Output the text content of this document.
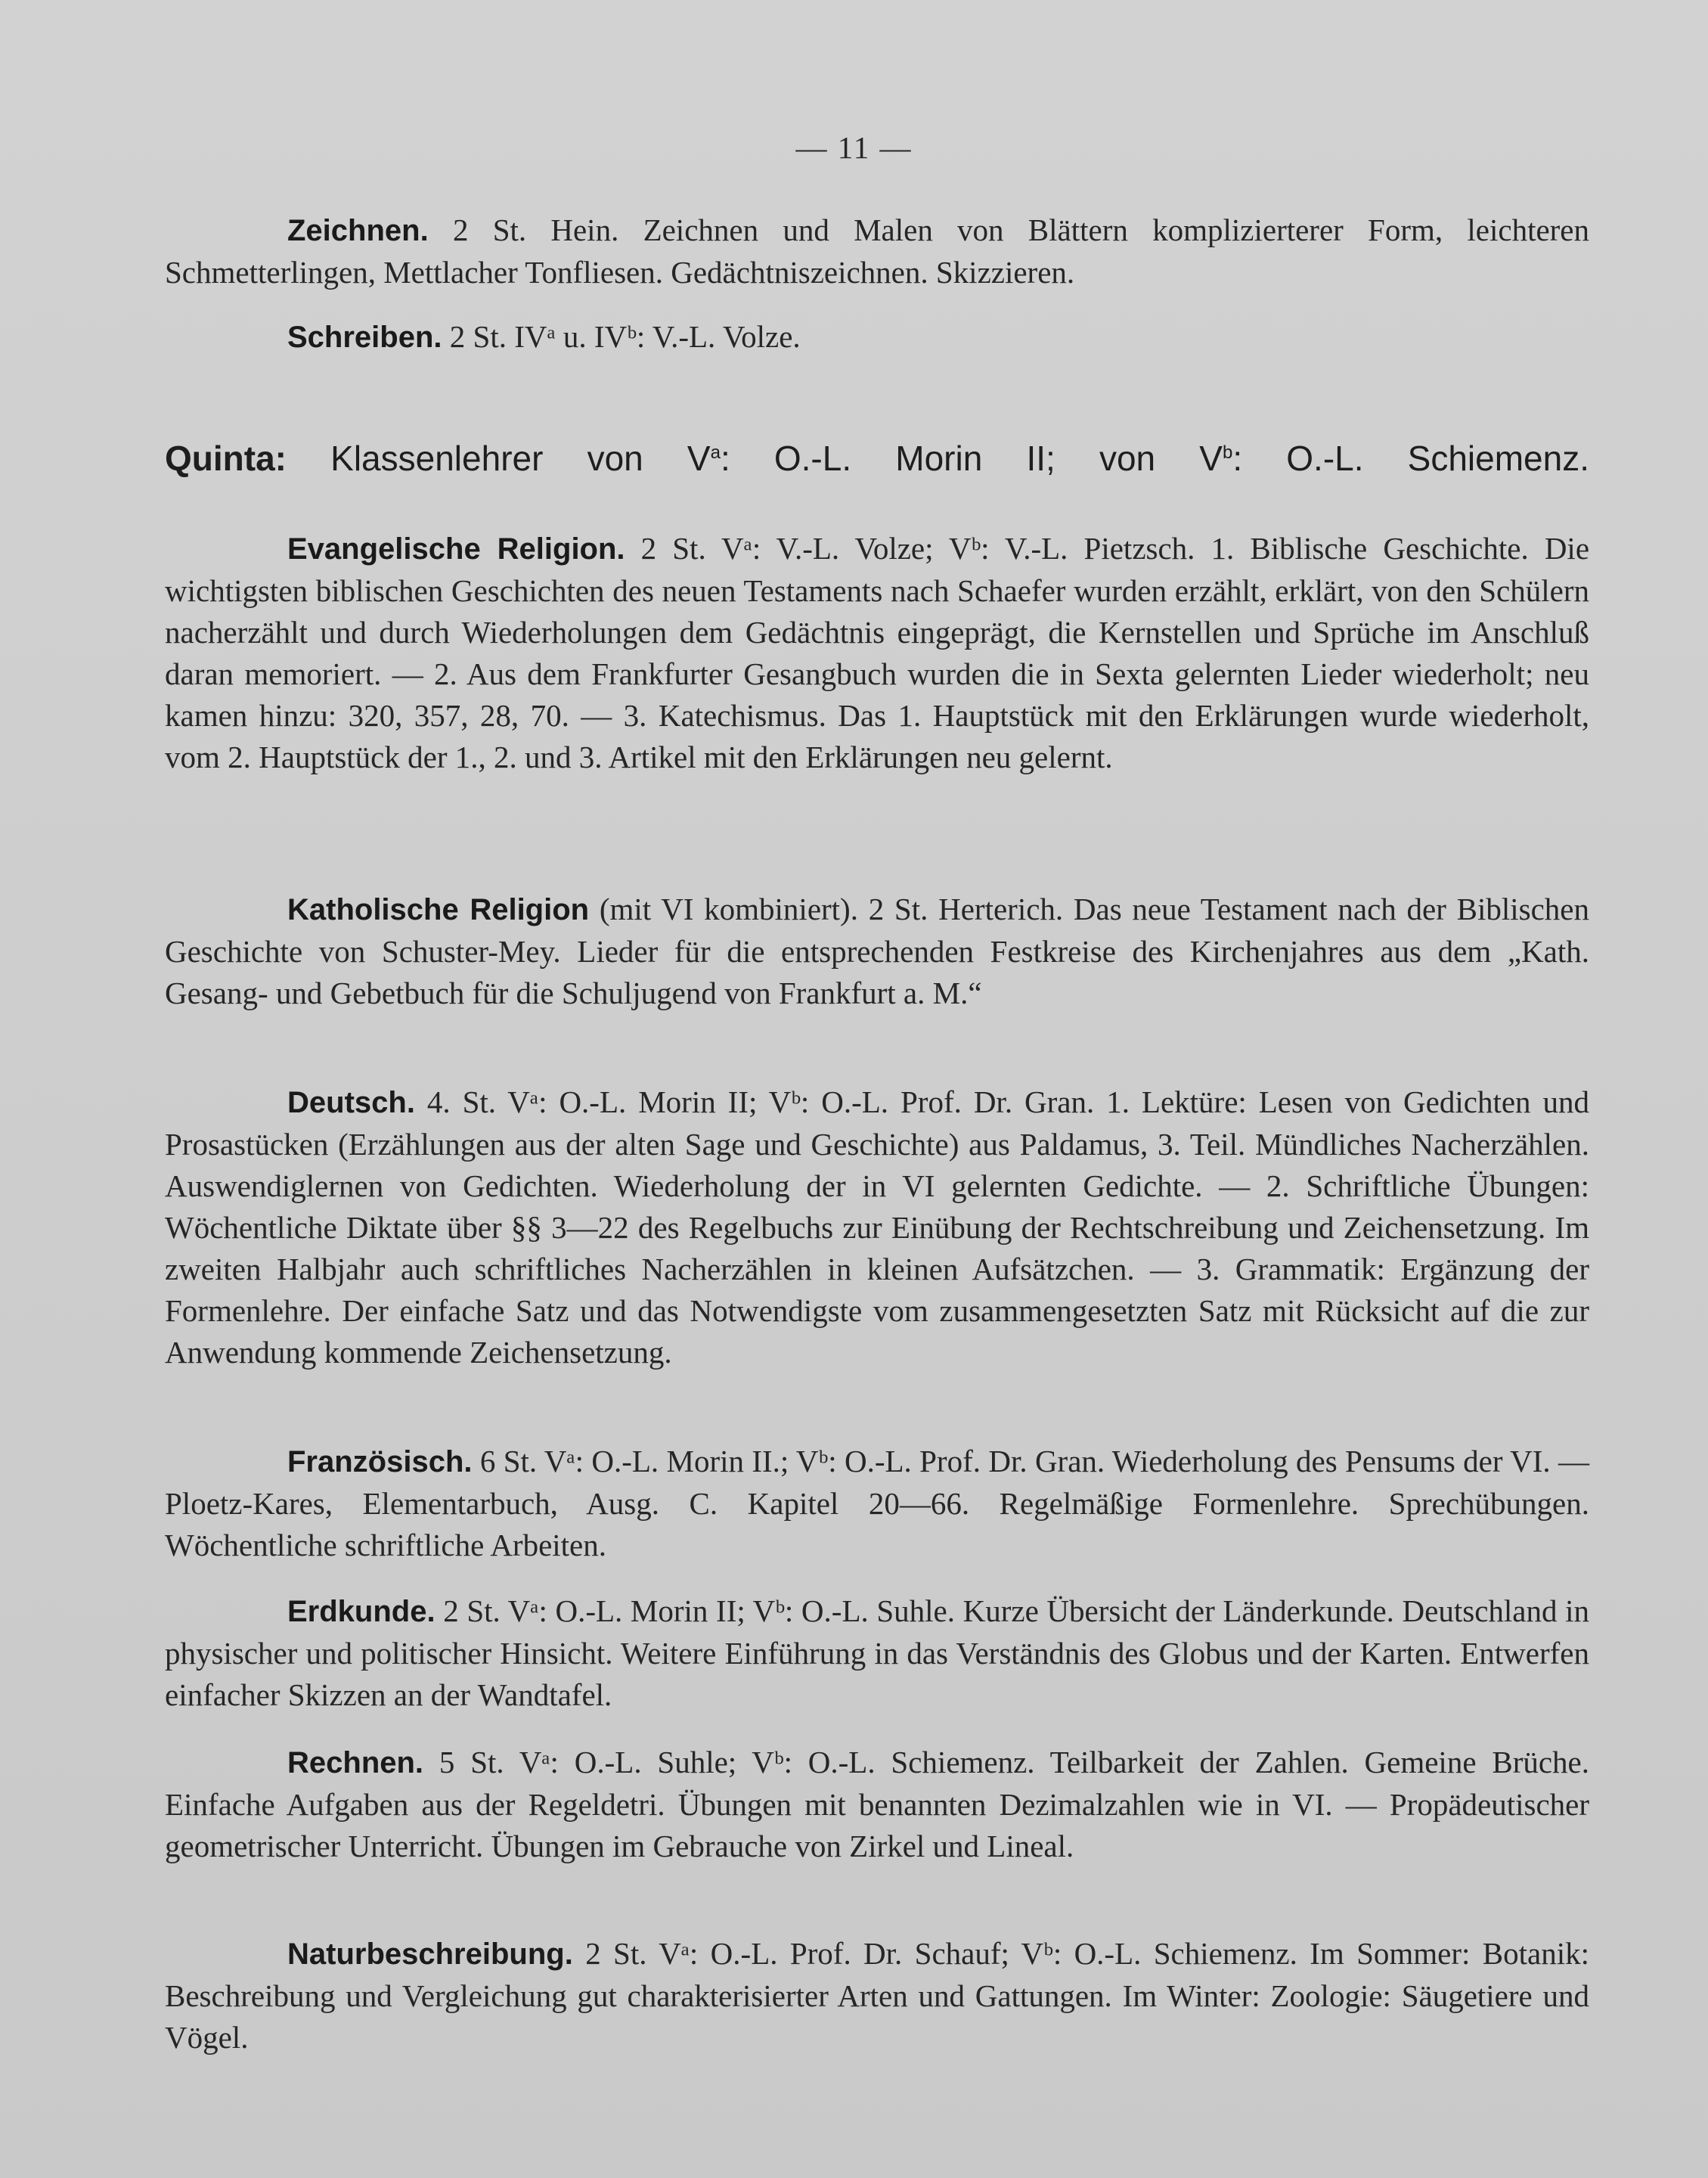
— 11 —

Zeichnen. 2 St. Hein. Zeichnen und Malen von Blättern komplizierterer Form, leichteren Schmetterlingen, Mettlacher Tonfliesen. Gedächtniszeichnen. Skizzieren.

Schreiben. 2 St. IVᵃ u. IVᵇ: V.-L. Volze.

Quinta: Klassenlehrer von $V^a$: O.-L. Morin II; von $V^b$: O.-L. Schiemenz.

Evangelische Religion. 2 St. Vᵃ: V.-L. Volze; Vᵇ: V.-L. Pietzsch. 1. Biblische Geschichte. Die wichtigsten biblischen Geschichten des neuen Testaments nach Schaefer wurden erzählt, erklärt, von den Schülern nacherzählt und durch Wiederholungen dem Gedächtnis eingeprägt, die Kernstellen und Sprüche im Anschluß daran memoriert. — 2. Aus dem Frankfurter Gesangbuch wurden die in Sexta gelernten Lieder wiederholt; neu kamen hinzu: 320, 357, 28, 70. — 3. Katechismus. Das 1. Hauptstück mit den Erklärungen wurde wiederholt, vom 2. Hauptstück der 1., 2. und 3. Artikel mit den Erklärungen neu gelernt.

Katholische Religion (mit VI kombiniert). 2 St. Herterich. Das neue Testament nach der Biblischen Geschichte von Schuster-Mey. Lieder für die entsprechenden Festkreise des Kirchenjahres aus dem „Kath. Gesang- und Gebetbuch für die Schuljugend von Frankfurt a. M.“

Deutsch. 4. St. Vᵃ: O.-L. Morin II; Vᵇ: O.-L. Prof. Dr. Gran. 1. Lektüre: Lesen von Gedichten und Prosastücken (Erzählungen aus der alten Sage und Geschichte) aus Paldamus, 3. Teil. Mündliches Nacherzählen. Auswendiglernen von Gedichten. Wiederholung der in VI gelernten Gedichte. — 2. Schriftliche Übungen: Wöchentliche Diktate über §§ 3—22 des Regelbuchs zur Einübung der Rechtschreibung und Zeichensetzung. Im zweiten Halbjahr auch schriftliches Nacherzählen in kleinen Aufsätzchen. — 3. Grammatik: Ergänzung der Formenlehre. Der einfache Satz und das Notwendigste vom zusammengesetzten Satz mit Rücksicht auf die zur Anwendung kommende Zeichensetzung.

Französisch. 6 St. Vᵃ: O.-L. Morin II.; Vᵇ: O.-L. Prof. Dr. Gran. Wiederholung des Pensums der VI. — Ploetz-Kares, Elementarbuch, Ausg. C. Kapitel 20—66. Regelmäßige Formenlehre. Sprechübungen. Wöchentliche schriftliche Arbeiten.

Erdkunde. 2 St. Vᵃ: O.-L. Morin II; Vᵇ: O.-L. Suhle. Kurze Übersicht der Länderkunde. Deutschland in physischer und politischer Hinsicht. Weitere Einführung in das Verständnis des Globus und der Karten. Entwerfen einfacher Skizzen an der Wandtafel.

Rechnen. 5 St. Vᵃ: O.-L. Suhle; Vᵇ: O.-L. Schiemenz. Teilbarkeit der Zahlen. Gemeine Brüche. Einfache Aufgaben aus der Regeldetri. Übungen mit benannten Dezimalzahlen wie in VI. — Propädeutischer geometrischer Unterricht. Übungen im Gebrauche von Zirkel und Lineal.

Naturbeschreibung. 2 St. Vᵃ: O.-L. Prof. Dr. Schauf; Vᵇ: O.-L. Schiemenz. Im Sommer: Botanik: Beschreibung und Vergleichung gut charakterisierter Arten und Gattungen. Im Winter: Zoologie: Säugetiere und Vögel.
